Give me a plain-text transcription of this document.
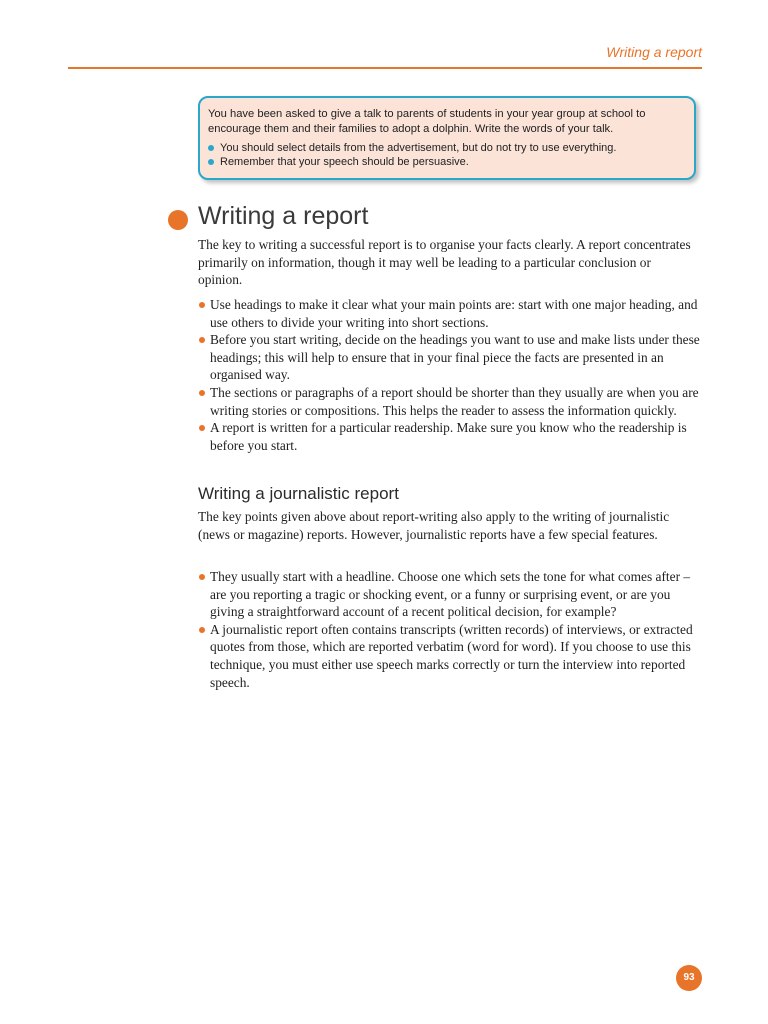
Writing a report

You have been asked to give a talk to parents of students in your year group at school to encourage them and their families to adopt a dolphin. Write the words of your talk.

You should select details from the advertisement, but do not try to use everything.
Remember that your speech should be persuasive.
Writing a report

The key to writing a successful report is to organise your facts clearly. A report concentrates primarily on information, though it may well be leading to a particular conclusion or opinion.

Use headings to make it clear what your main points are: start with one major heading, and use others to divide your writing into short sections.
Before you start writing, decide on the headings you want to use and make lists under these headings; this will help to ensure that in your final piece the facts are presented in an organised way.
The sections or paragraphs of a report should be shorter than they usually are when you are writing stories or compositions. This helps the reader to assess the information quickly.
A report is written for a particular readership. Make sure you know who the readership is before you start.
Writing a journalistic report

The key points given above about report-writing also apply to the writing of journalistic (news or magazine) reports. However, journalistic reports have a few special features.

They usually start with a headline. Choose one which sets the tone for what comes after – are you reporting a tragic or shocking event, or a funny or surprising event, or are you giving a straightforward account of a recent political decision, for example?
A journalistic report often contains transcripts (written records) of interviews, or extracted quotes from those, which are reported verbatim (word for word). If you choose to use this technique, you must either use speech marks correctly or turn the interview into reported speech.
93
